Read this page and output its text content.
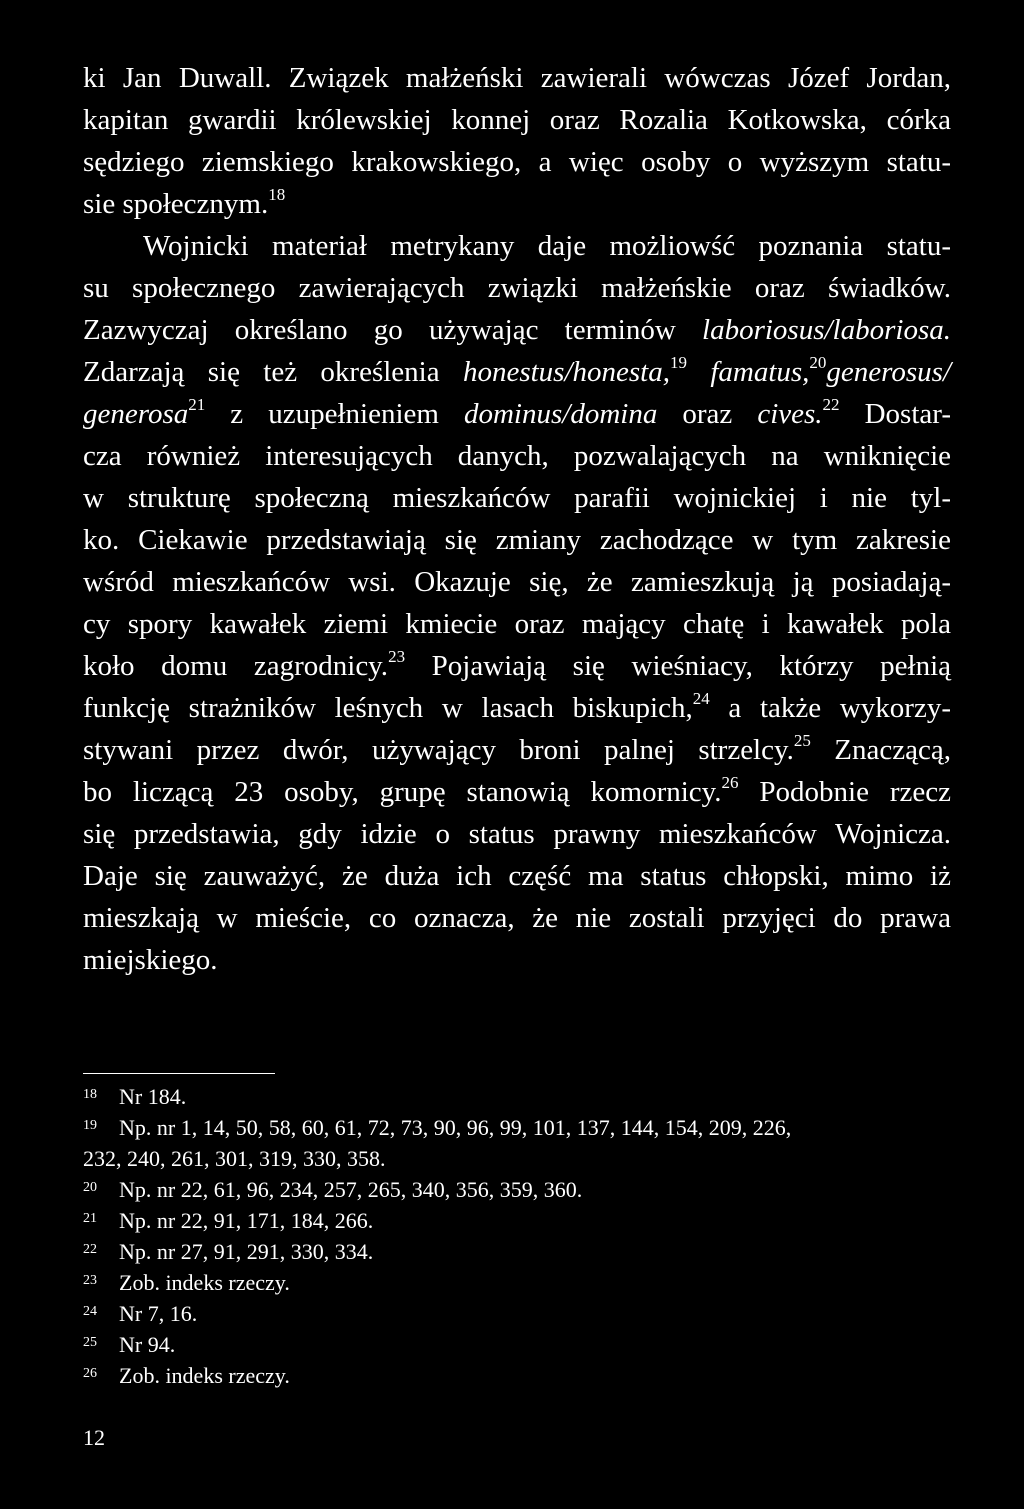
ki Jan Duwall. Związek małżeński zawierali wówczas Józef Jordan,
kapitan gwardii królewskiej konnej oraz Rozalia Kotkowska, córka
sędziego ziemskiego krakowskiego, a więc osoby o wyższym statu-
sie społecznym.$^{18}$
Wojnicki materiał metrykany daje możliowść poznania statu-
su społecznego zawierających związki małżeńskie oraz świadków.
Zazwyczaj określano go używając terminów laboriosus/laboriosa.
Zdarzają się też określenia honestus/honesta,$^{19}$ famatus,$^{20}$generosus/
generosa$^{21}$ z uzupełnieniem dominus/domina oraz cives.$^{22}$ Dostar-
cza również interesujących danych, pozwalających na wniknięcie
w strukturę społeczną mieszkańców parafii wojnickiej i nie tyl-
ko. Ciekawie przedstawiają się zmiany zachodzące w tym zakresie
wśród mieszkańców wsi. Okazuje się, że zamieszkują ją posiadają-
cy spory kawałek ziemi kmiecie oraz mający chatę i kawałek pola
koło domu zagrodnicy.$^{23}$ Pojawiają się wieśniacy, którzy pełnią
funkcję strażników leśnych w lasach biskupich,$^{24}$ a także wykorzy-
stywani przez dwór, używający broni palnej strzelcy.$^{25}$ Znaczącą,
bo liczącą 23 osoby, grupę stanowią komornicy.$^{26}$ Podobnie rzecz
się przedstawia, gdy idzie o status prawny mieszkańców Wojnicza.
Daje się zauważyć, że duża ich część ma status chłopski, mimo iż
mieszkają w mieście, co oznacza, że nie zostali przyjęci do prawa
miejskiego.
18 Nr 184.
19 Np. nr 1, 14, 50, 58, 60, 61, 72, 73, 90, 96, 99, 101, 137, 144, 154, 209, 226,
232, 240, 261, 301, 319, 330, 358.
20 Np. nr 22, 61, 96, 234, 257, 265, 340, 356, 359, 360.
21 Np. nr 22, 91, 171, 184, 266.
22 Np. nr 27, 91, 291, 330, 334.
23 Zob. indeks rzeczy.
24 Nr 7, 16.
25 Nr 94.
26 Zob. indeks rzeczy.
12
